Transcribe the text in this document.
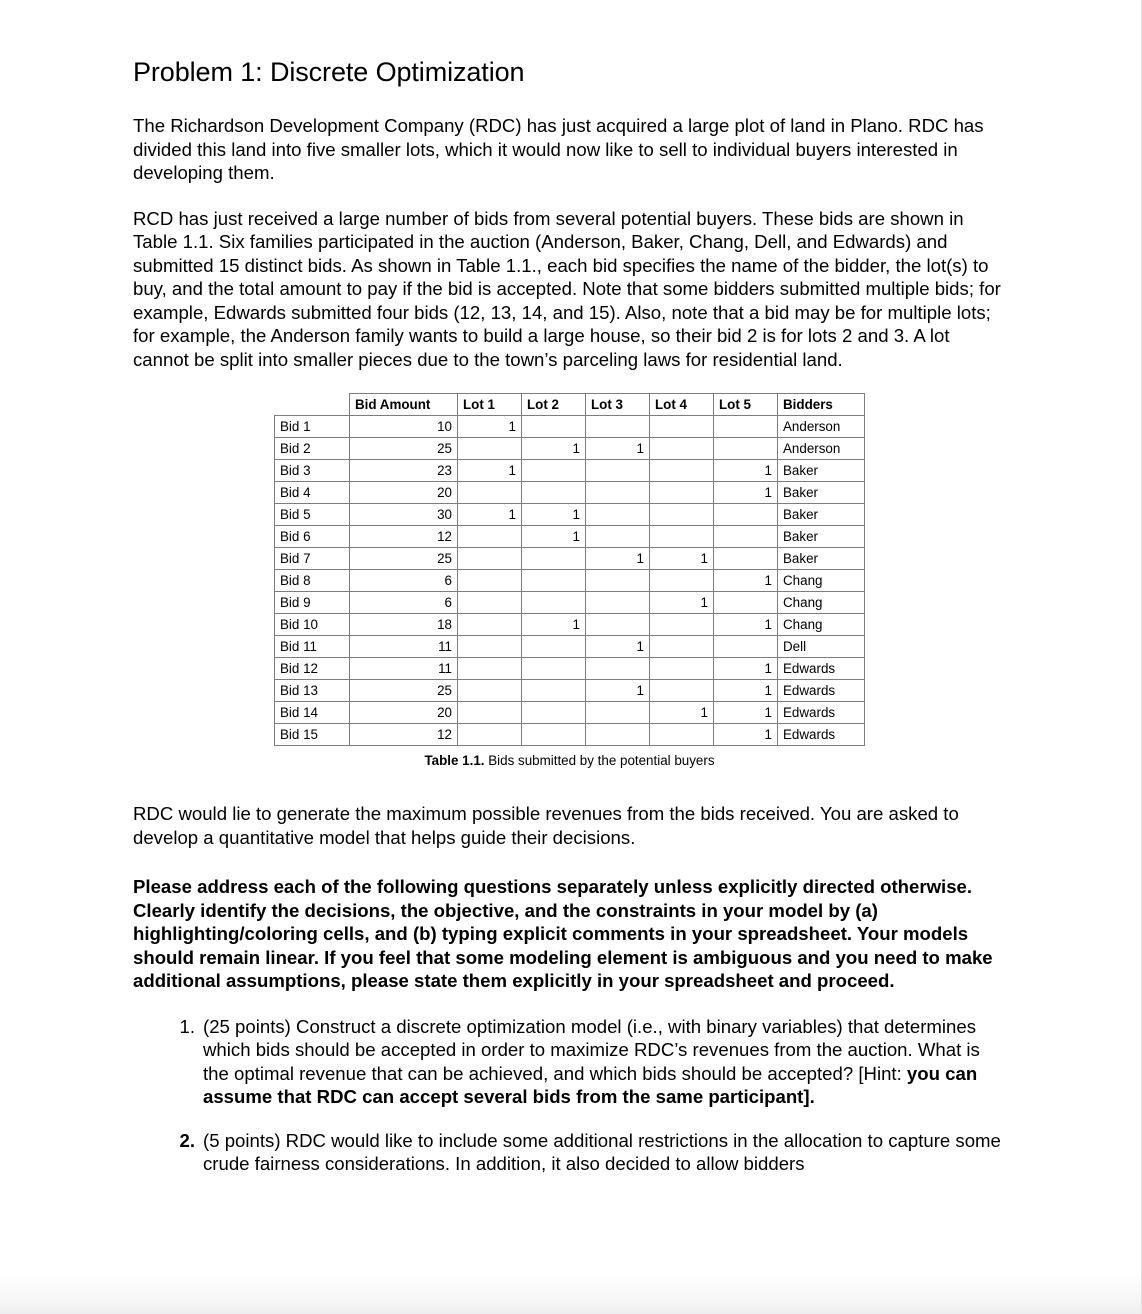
Problem 1: Discrete Optimization

The Richardson Development Company (RDC) has just acquired a large plot of land in Plano. RDC has divided this land into five smaller lots, which it would now like to sell to individual buyers interested in developing them.

RCD has just received a large number of bids from several potential buyers. These bids are shown in Table 1.1. Six families participated in the auction (Anderson, Baker, Chang, Dell, and Edwards) and submitted 15 distinct bids. As shown in Table 1.1., each bid specifies the name of the bidder, the lot(s) to buy, and the total amount to pay if the bid is accepted. Note that some bidders submitted multiple bids; for example, Edwards submitted four bids (12, 13, 14, and 15). Also, note that a bid may be for multiple lots; for example, the Anderson family wants to build a large house, so their bid 2 is for lots 2 and 3. A lot cannot be split into smaller pieces due to the town’s parceling laws for residential land.

	Bid Amount	Lot 1	Lot 2	Lot 3	Lot 4	Lot 5	Bidders
Bid 1	10	1					Anderson
Bid 2	25		1	1			Anderson
Bid 3	23	1				1	Baker
Bid 4	20					1	Baker
Bid 5	30	1	1				Baker
Bid 6	12		1				Baker
Bid 7	25			1	1		Baker
Bid 8	6					1	Chang
Bid 9	6				1		Chang
Bid 10	18		1			1	Chang
Bid 11	11			1			Dell
Bid 12	11					1	Edwards
Bid 13	25			1		1	Edwards
Bid 14	20				1	1	Edwards
Bid 15	12					1	Edwards
Table 1.1. Bids submitted by the potential buyers

RDC would lie to generate the maximum possible revenues from the bids received. You are asked to develop a quantitative model that helps guide their decisions.

Please address each of the following questions separately unless explicitly directed otherwise. Clearly identify the decisions, the objective, and the constraints in your model by (a) highlighting/coloring cells, and (b) typing explicit comments in your spreadsheet. Your models should remain linear. If you feel that some modeling element is ambiguous and you need to make additional assumptions, please state them explicitly in your spreadsheet and proceed.

(25 points) Construct a discrete optimization model (i.e., with binary variables) that determines which bids should be accepted in order to maximize RDC’s revenues from the auction. What is the optimal revenue that can be achieved, and which bids should be accepted? [Hint: you can assume that RDC can accept several bids from the same participant].
(5 points) RDC would like to include some additional restrictions in the allocation to capture some crude fairness considerations. In addition, it also decided to allow bidders
